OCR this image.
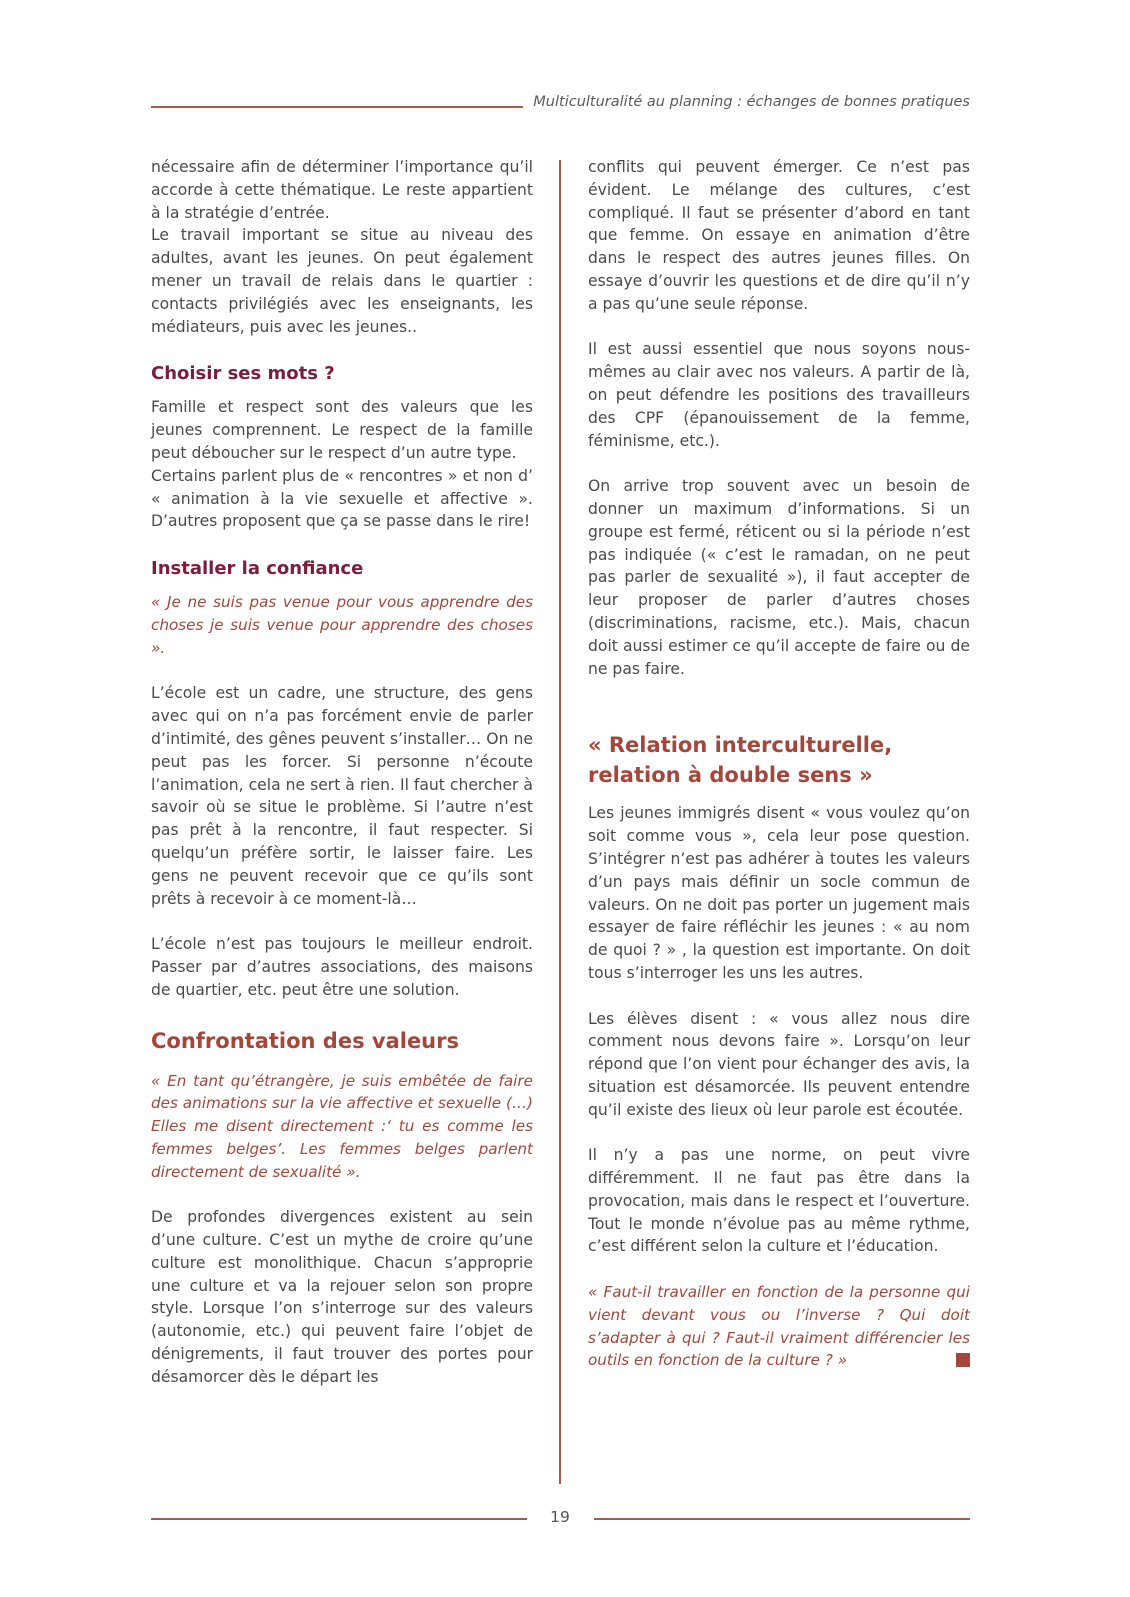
Multiculturalité au planning : échanges de bonnes pratiques

nécessaire afin de déterminer l’importance qu’il accorde à cette thématique. Le reste appartient à la stratégie d’entrée.

Le travail important se situe au niveau des adultes, avant les jeunes. On peut également mener un travail de relais dans le quartier : contacts privilégiés avec les enseignants, les médiateurs, puis avec les jeunes..

Choisir ses mots ?

Famille et respect sont des valeurs que les jeunes comprennent. Le respect de la famille peut déboucher sur le respect d’un autre type.

Certains parlent plus de « rencontres » et non d’ « animation à la vie sexuelle et affective ». D’autres proposent que ça se passe dans le rire!

Installer la confiance

« Je ne suis pas venue pour vous apprendre des choses je suis venue pour apprendre des choses ».

L’école est un cadre, une structure, des gens avec qui on n’a pas forcément envie de parler d’intimité, des gênes peuvent s’installer… On ne peut pas les forcer. Si personne n’écoute l’animation, cela ne sert à rien. Il faut chercher à savoir où se situe le problème. Si l’autre n’est pas prêt à la rencontre, il faut respecter. Si quelqu’un préfère sortir, le laisser faire. Les gens ne peuvent recevoir que ce qu’ils sont prêts à recevoir à ce moment-là…

L’école n’est pas toujours le meilleur endroit. Passer par d’autres associations, des maisons de quartier, etc. peut être une solution.

Confrontation des valeurs

« En tant qu’étrangère, je suis embêtée de faire des animations sur la vie affective et sexuelle (…) Elles me disent directement :‘ tu es comme les femmes belges’. Les femmes belges parlent directement de sexualité ».

De profondes divergences existent au sein d’une culture. C’est un mythe de croire qu’une culture est monolithique. Chacun s’approprie une culture et va la rejouer selon son propre style. Lorsque l’on s’interroge sur des valeurs (autonomie, etc.) qui peuvent faire l’objet de dénigrements, il faut trouver des portes pour désamorcer dès le départ les

conflits qui peuvent émerger. Ce n’est pas évident. Le mélange des cultures, c’est compliqué. Il faut se présenter d’abord en tant que femme. On essaye en animation d’être dans le respect des autres jeunes filles. On essaye d’ouvrir les questions et de dire qu’il n’y a pas qu’une seule réponse.

Il est aussi essentiel que nous soyons nous-mêmes au clair avec nos valeurs. A partir de là, on peut défendre les positions des travailleurs des CPF (épanouissement de la femme, féminisme, etc.).

On arrive trop souvent avec un besoin de donner un maximum d’informations. Si un groupe est fermé, réticent ou si la période n’est pas indiquée (« c’est le ramadan, on ne peut pas parler de sexualité »), il faut accepter de leur proposer de parler d’autres choses (discriminations, racisme, etc.). Mais, chacun doit aussi estimer ce qu’il accepte de faire ou de ne pas faire.

« Relation interculturelle,
relation à double sens »

Les jeunes immigrés disent « vous voulez qu’on soit comme vous », cela leur pose question. S’intégrer n’est pas adhérer à toutes les valeurs d’un pays mais définir un socle commun de valeurs. On ne doit pas porter un jugement mais essayer de faire réfléchir les jeunes : « au nom de quoi ? » , la question est importante. On doit tous s’interroger les uns les autres.

Les élèves disent : « vous allez nous dire comment nous devons faire ». Lorsqu’on leur répond que l’on vient pour échanger des avis, la situation est désamorcée. Ils peuvent entendre qu’il existe des lieux où leur parole est écoutée.

Il n’y a pas une norme, on peut vivre différemment. Il ne faut pas être dans la provocation, mais dans le respect et l’ouverture. Tout le monde n’évolue pas au même rythme, c’est différent selon la culture et l’éducation.

« Faut-il travailler en fonction de la personne qui vient devant vous ou l’inverse ? Qui doit s’adapter à qui ? Faut-il vraiment différencier les outils en fonction de la culture ? »

19
